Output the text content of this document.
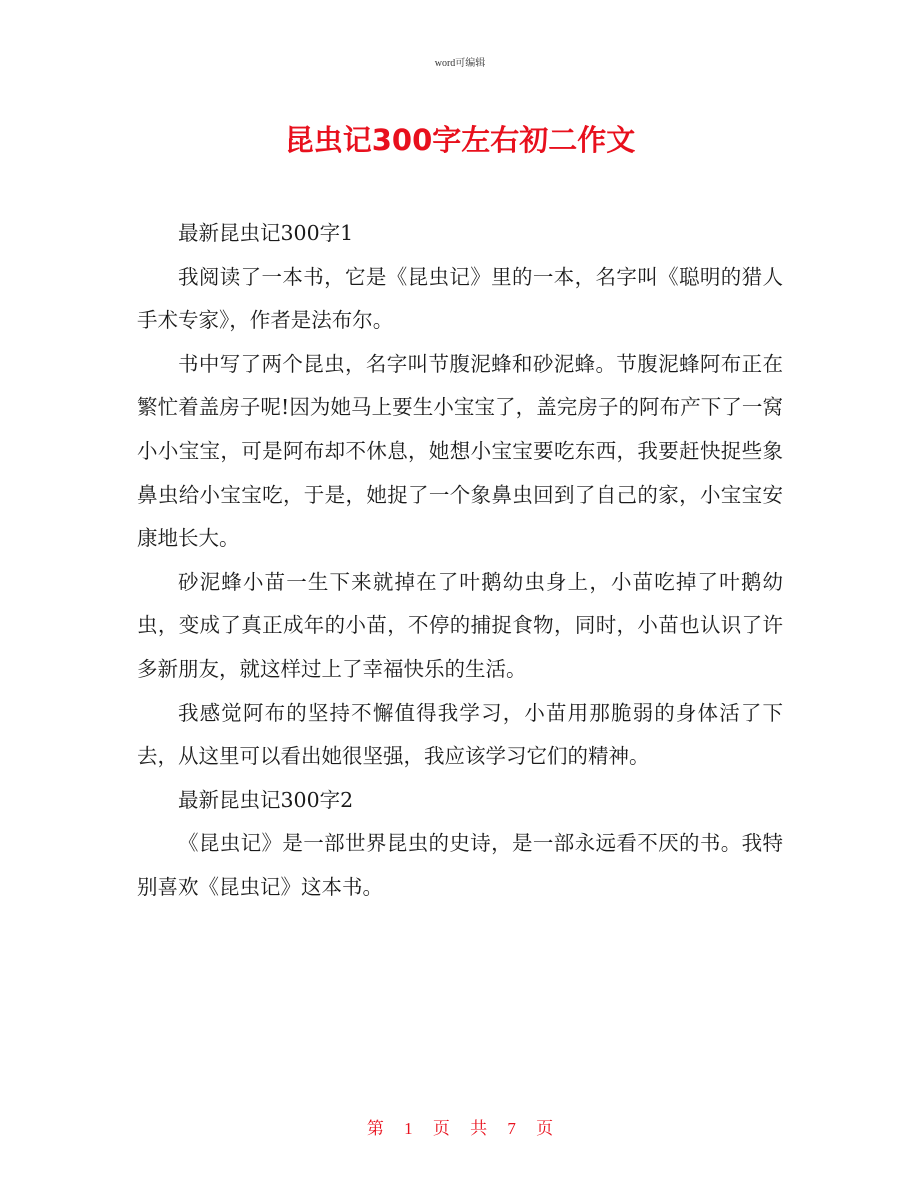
word可编辑
昆虫记300字左右初二作文

最新昆虫记300字1

我阅读了一本书，它是《昆虫记》里的一本，名字叫《聪明的猎人手术专家》，作者是法布尔。

书中写了两个昆虫，名字叫节腹泥蜂和砂泥蜂。节腹泥蜂阿布正在繁忙着盖房子呢!因为她马上要生小宝宝了，盖完房子的阿布产下了一窝小小宝宝，可是阿布却不休息，她想小宝宝要吃东西，我要赶快捉些象鼻虫给小宝宝吃，于是，她捉了一个象鼻虫回到了自己的家，小宝宝安康地长大。

砂泥蜂小苗一生下来就掉在了叶鹅幼虫身上，小苗吃掉了叶鹅幼虫，变成了真正成年的小苗，不停的捕捉食物，同时，小苗也认识了许多新朋友，就这样过上了幸福快乐的生活。

我感觉阿布的坚持不懈值得我学习，小苗用那脆弱的身体活了下去，从这里可以看出她很坚强，我应该学习它们的精神。

最新昆虫记300字2

《昆虫记》是一部世界昆虫的史诗，是一部永远看不厌的书。我特别喜欢《昆虫记》这本书。

第 1 页 共 7 页
